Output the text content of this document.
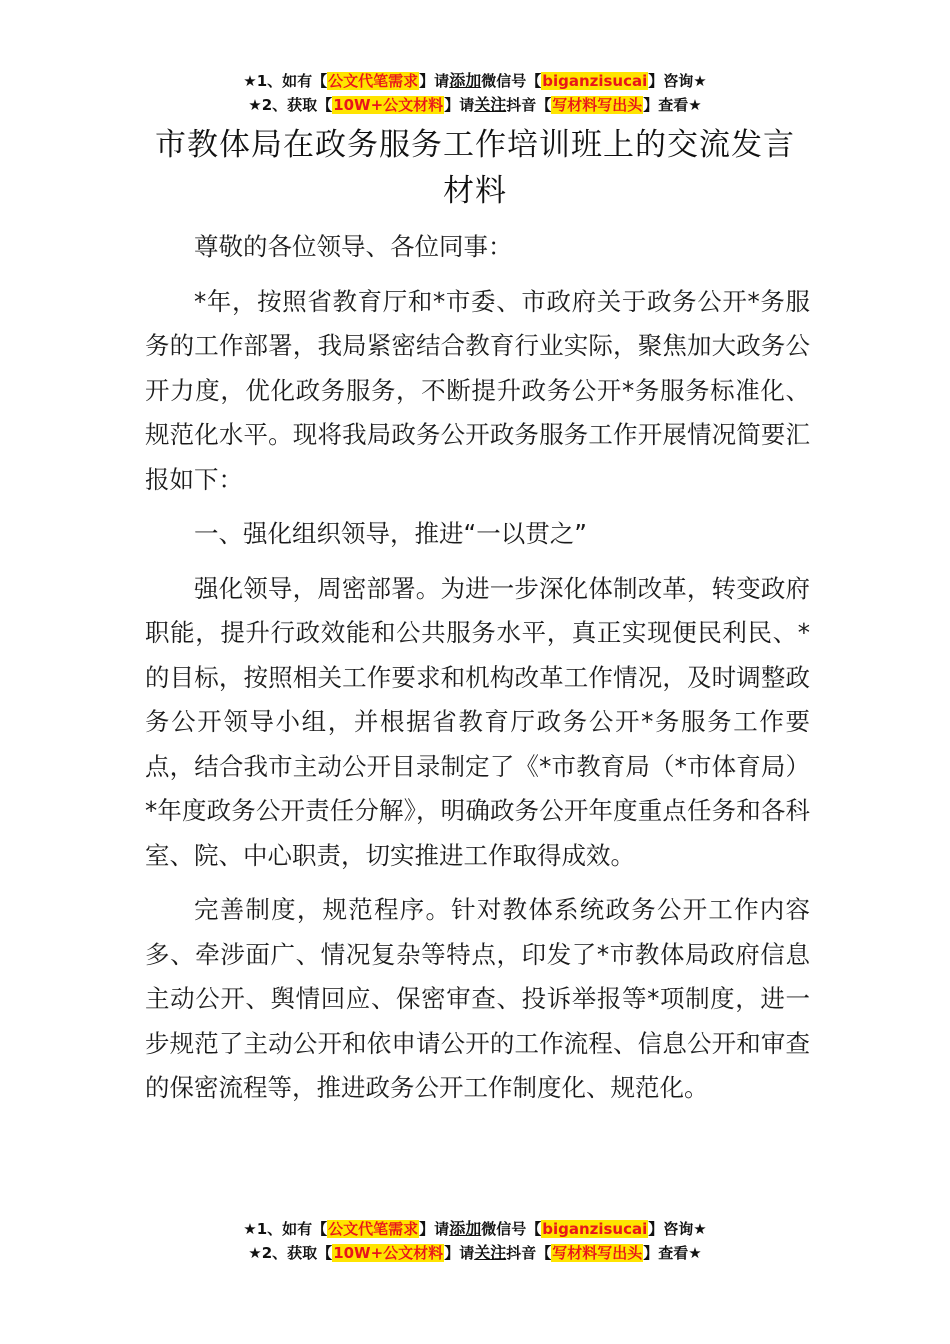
★1、如有【公文代笔需求】请添加微信号【biganzisucai】咨询★
★2、获取【10W+公文材料】请关注抖音【写材料写出头】查看★
市教体局在政务服务工作培训班上的交流发言材料

尊敬的各位领导、各位同事：

*年，按照省教育厅和*市委、市政府关于政务公开*务服务的工作部署，我局紧密结合教育行业实际，聚焦加大政务公开力度，优化政务服务，不断提升政务公开*务服务标准化、规范化水平。现将我局政务公开政务服务工作开展情况简要汇报如下：

一、强化组织领导，推进“一以贯之”

强化领导，周密部署。为进一步深化体制改革，转变政府职能，提升行政效能和公共服务水平，真正实现便民利民、*的目标，按照相关工作要求和机构改革工作情况，及时调整政务公开领导小组，并根据省教育厅政务公开*务服务工作要点，结合我市主动公开目录制定了《*市教育局（*市体育局）*年度政务公开责任分解》，明确政务公开年度重点任务和各科室、院、中心职责，切实推进工作取得成效。

完善制度，规范程序。针对教体系统政务公开工作内容多、牵涉面广、情况复杂等特点，印发了*市教体局政府信息主动公开、舆情回应、保密审查、投诉举报等*项制度，进一步规范了主动公开和依申请公开的工作流程、信息公开和审查的保密流程等，推进政务公开工作制度化、规范化。

★1、如有【公文代笔需求】请添加微信号【biganzisucai】咨询★
★2、获取【10W+公文材料】请关注抖音【写材料写出头】查看★
